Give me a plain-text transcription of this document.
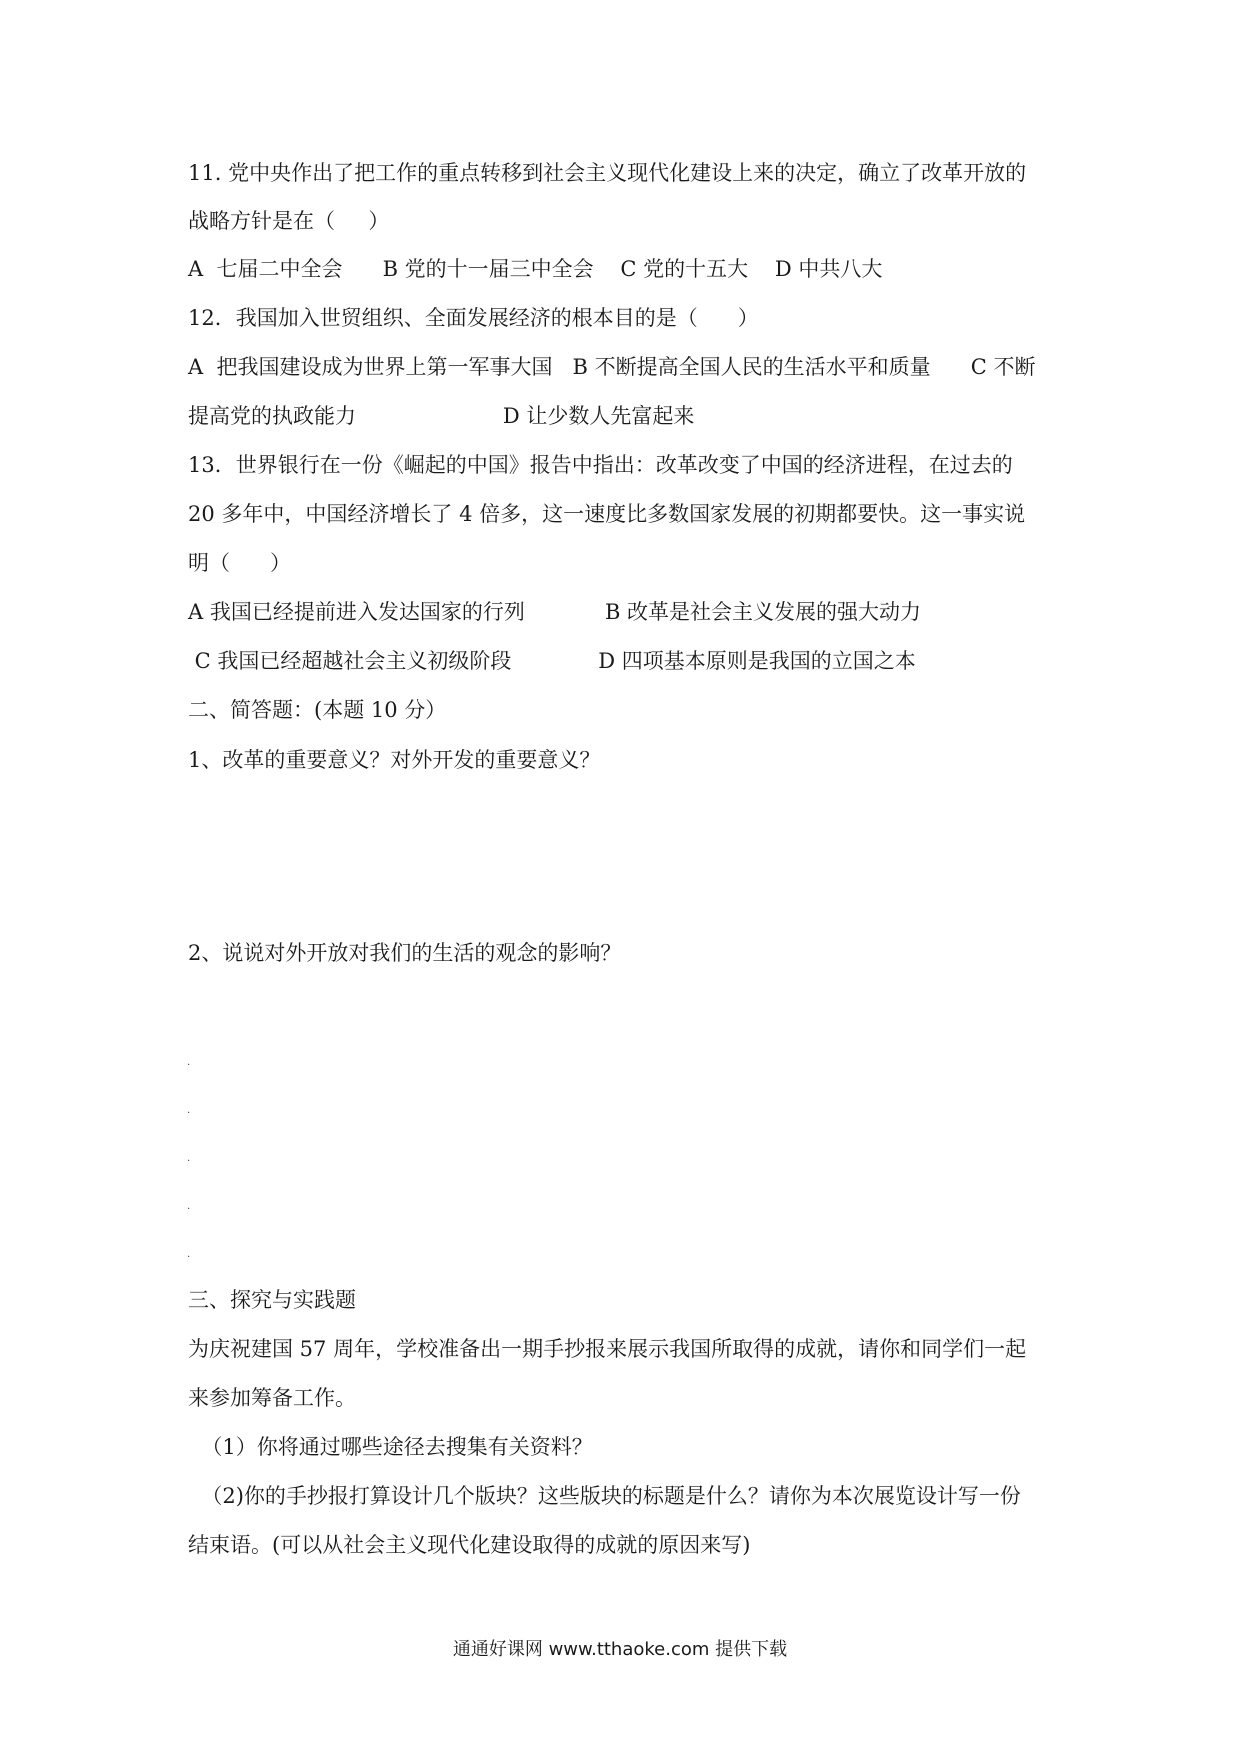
11. 党中央作出了把工作的重点转移到社会主义现代化建设上来的决定，确立了改革开放的

战略方针是在（     ）

A  七届二中全会      B 党的十一届三中全会    C 党的十五大    D 中共八大

12．我国加入世贸组织、全面发展经济的根本目的是（      ）

A  把我国建设成为世界上第一军事大国   B 不断提高全国人民的生活水平和质量      C 不断

提高党的执政能力                      D 让少数人先富起来

13．世界银行在一份《崛起的中国》报告中指出：改革改变了中国的经济进程，在过去的

20 多年中，中国经济增长了 4 倍多，这一速度比多数国家发展的初期都要快。这一事实说

明（      ）

A 我国已经提前进入发达国家的行列            B 改革是社会主义发展的强大动力

C 我国已经超越社会主义初级阶段             D 四项基本原则是我国的立国之本

二、简答题：(本题 10 分）

1、改革的重要意义？对外开发的重要意义？

2、说说对外开放对我们的生活的观念的影响？

.
.
.
.
.

三、探究与实践题

为庆祝建国 57 周年，学校准备出一期手抄报来展示我国所取得的成就，请你和同学们一起

来参加筹备工作。

（1）你将通过哪些途径去搜集有关资料？

（2)你的手抄报打算设计几个版块？这些版块的标题是什么？请你为本次展览设计写一份

结束语。(可以从社会主义现代化建设取得的成就的原因来写)

通通好课网 www.tthaoke.com 提供下载
